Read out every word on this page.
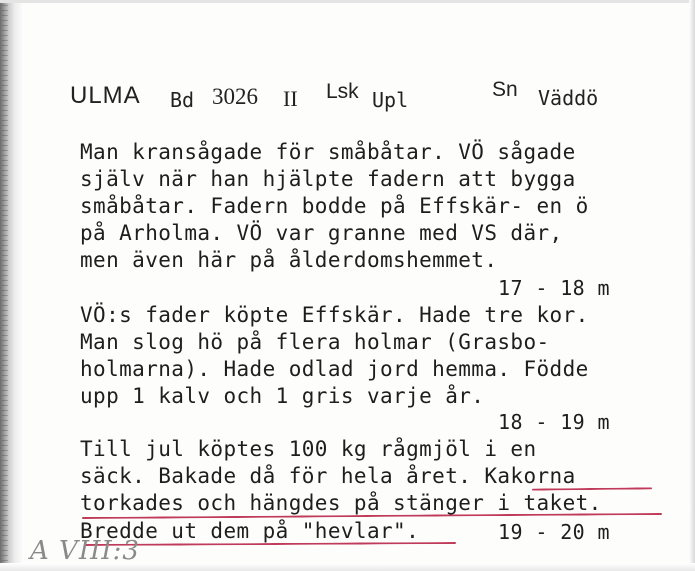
ULMA Bd 3026 II Lsk Upl	Sn Väddö
Man kransågade för småbåtar. VÖ sågade
själv när han hjälpte fadern att bygga
småbåtar. Fadern bodde på Effskär- en ö
på Arholma. VÖ var granne med VS där,
men även här på ålderdomshemmet.
17 - 18 m
VÖ:s fader köpte Effskär. Hade tre kor.
Man slog hö på flera holmar (Grasbo-
holmarna). Hade odlad jord hemma. Födde
upp 1 kalv och 1 gris varje år.
18 - 19 m
Till jul köptes 100 kg rågmjöl i en
säck. Bakade då för hela året. Kakorna
torkades och hängdes på stänger i taket.
Bredde ut dem på "hevlar".	19 - 20 m
A VIII:3
